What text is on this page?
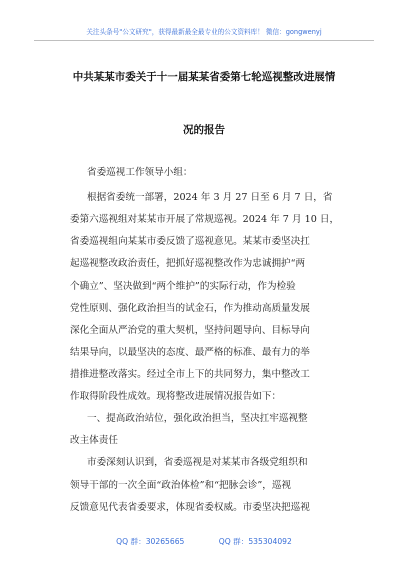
关注头条号"公文研究"，获得最新最全最专业的公文资料库！ 微信：gongwenyj
中共某某市委关于十一届某某省委第七轮巡视整改进展情
况的报告
省委巡视工作领导小组：
根据省委统一部署，2024 年 3 月 27 日至 6 月 7 日，省
委第六巡视组对某某市开展了常规巡视。2024 年 7 月 10 日，
省委巡视组向某某市委反馈了巡视意见。某某市委坚决扛
起巡视整改政治责任，把抓好巡视整改作为忠诚拥护“两
个确立”、坚决做到“两个维护”的实际行动，作为检验
党性原则、强化政治担当的试金石，作为推动高质量发展
深化全面从严治党的重大契机，坚持问题导向、目标导向
结果导向，以最坚决的态度、最严格的标准、最有力的举
措推进整改落实。经过全市上下的共同努力，集中整改工
作取得阶段性成效。现将整改进展情况报告如下：
一、提高政治站位，强化政治担当，坚决扛牢巡视整
改主体责任
市委深刻认识到，省委巡视是对某某市各级党组织和
领导干部的一次全面“政治体检”和“把脉会诊”，巡视
反馈意见代表省委要求，体现省委权威。市委坚决把巡视
QQ 群：30265665	QQ 群：535304092
